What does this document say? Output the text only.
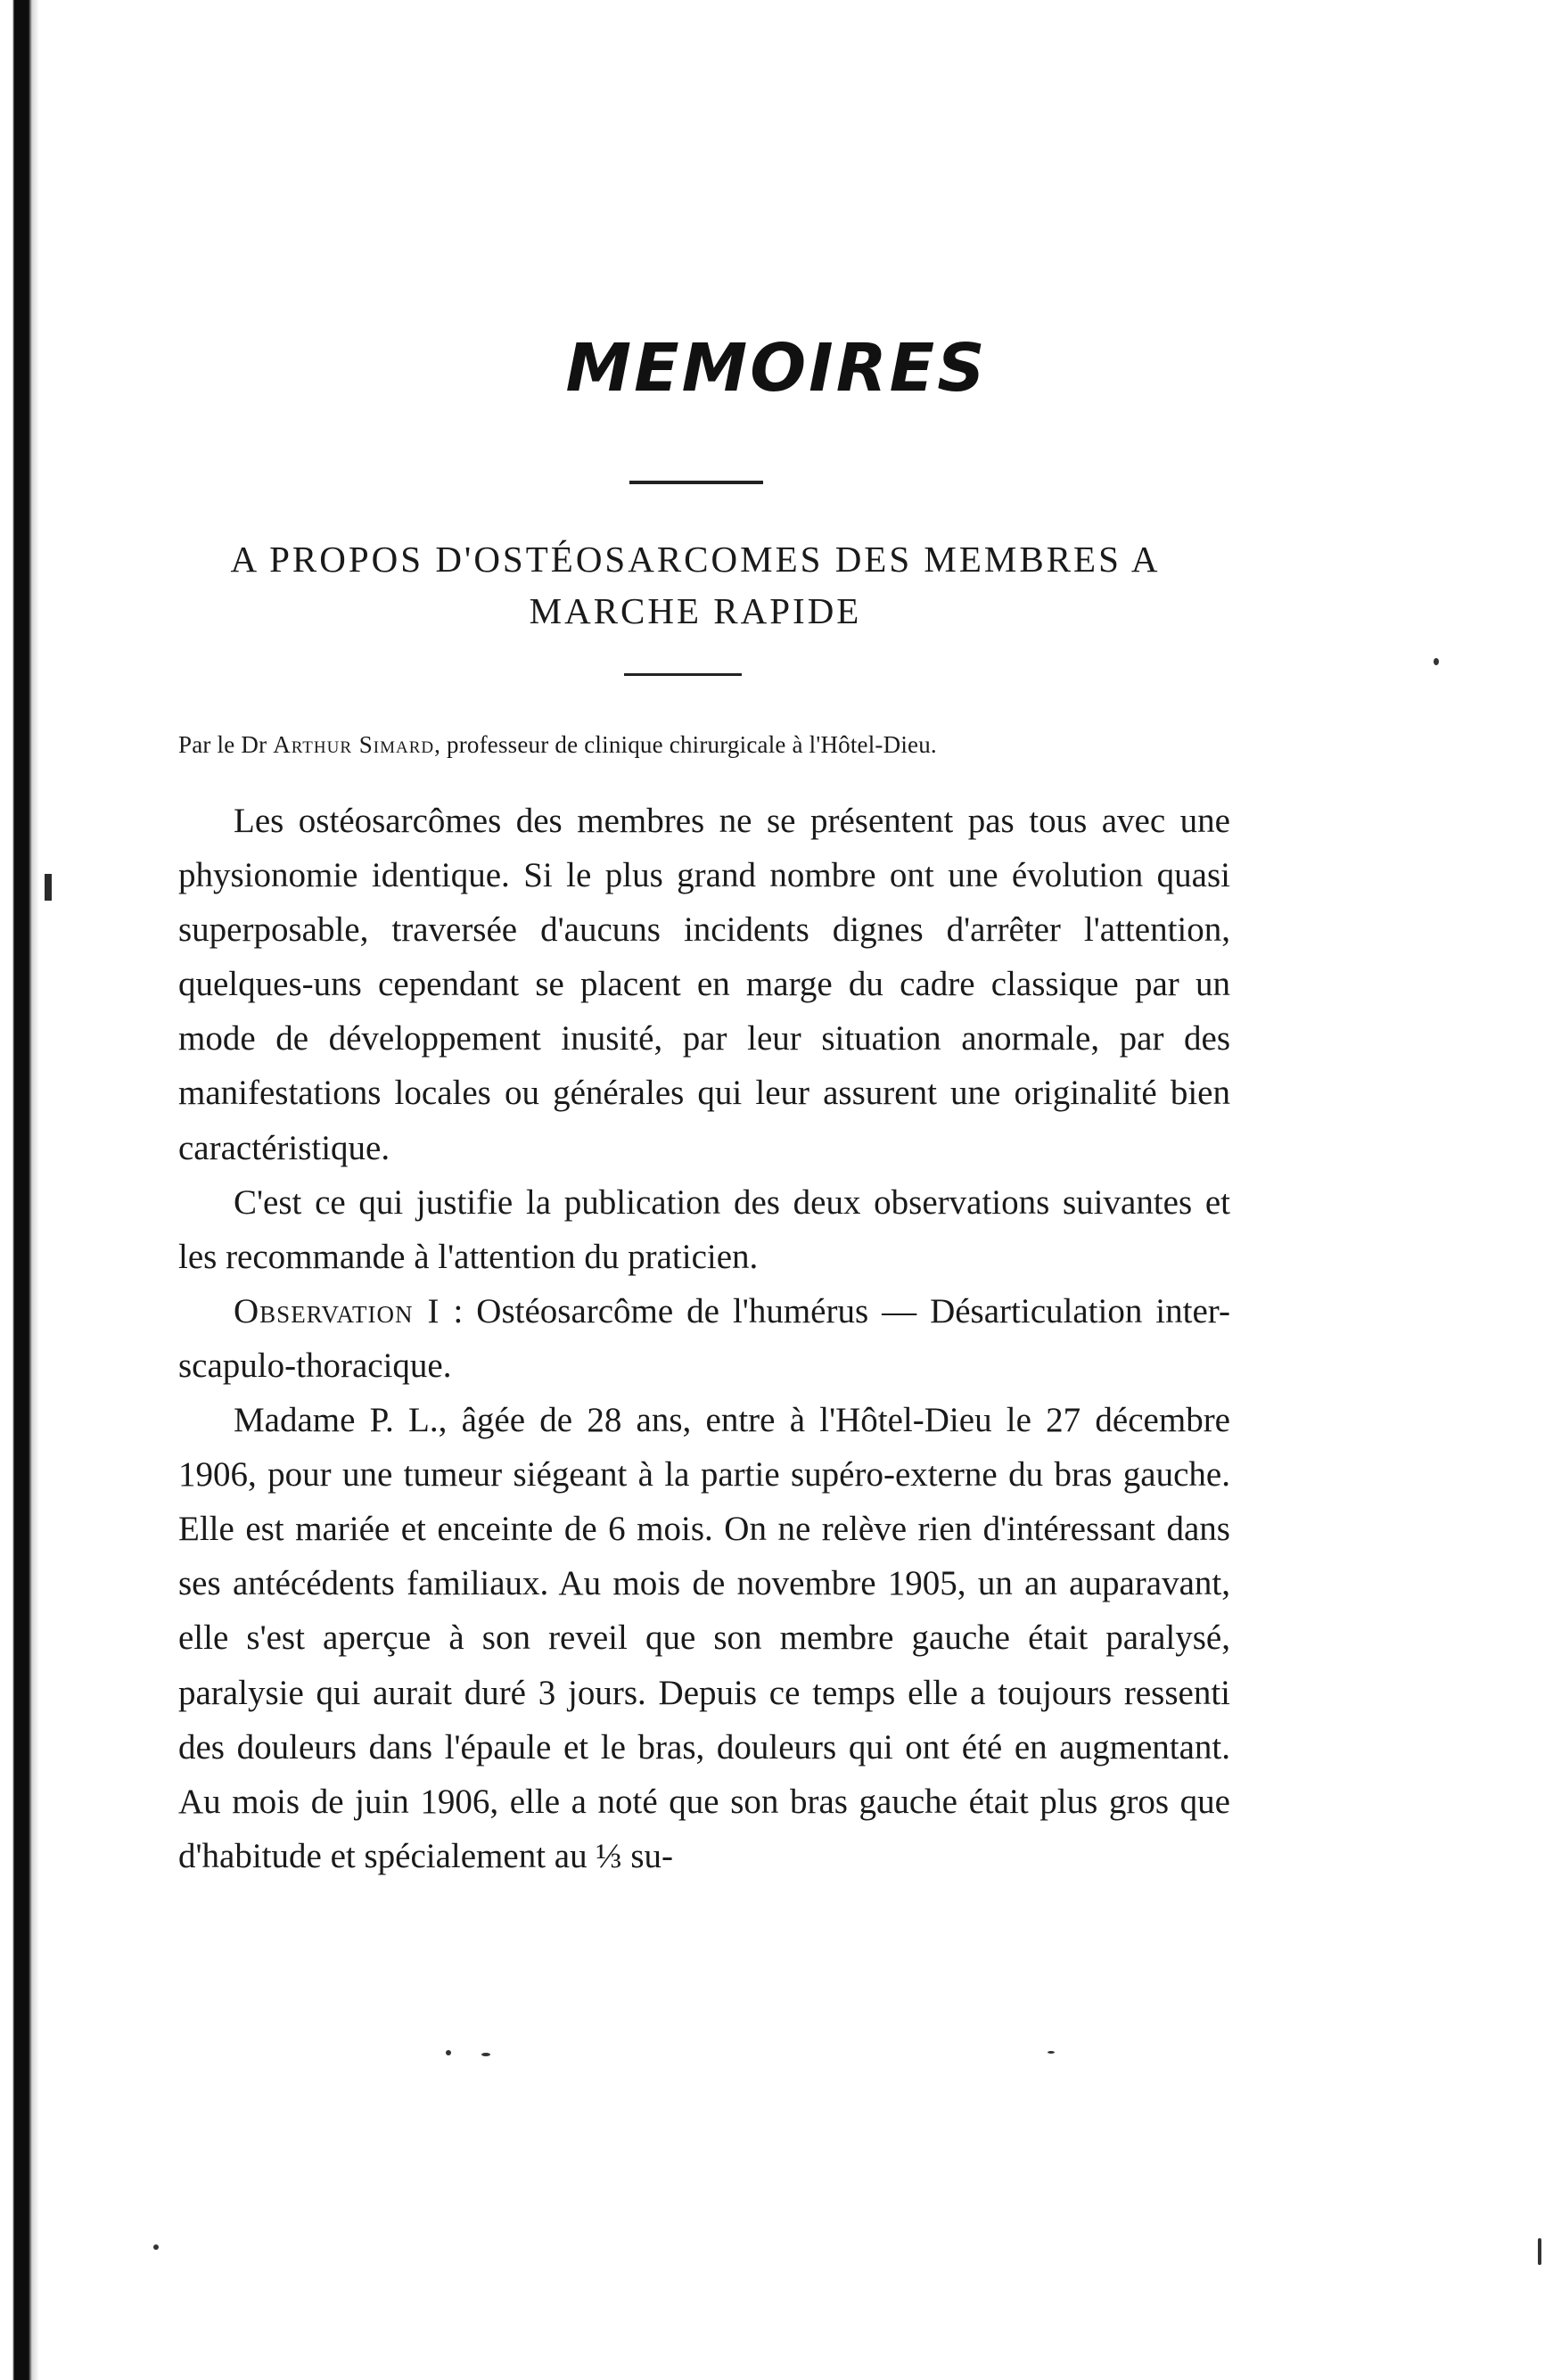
MEMOIRES
A PROPOS D'OSTÉOSARCOMES DES MEMBRES A MARCHE RAPIDE
Par le Dr Arthur Simard, professeur de clinique chirurgicale à l'Hôtel-Dieu.

Les ostéosarcômes des membres ne se présentent pas tous avec une physionomie identique. Si le plus grand nombre ont une évolution quasi superposable, traversée d'aucuns incidents dignes d'arrêter l'attention, quelques-uns cependant se placent en marge du cadre classique par un mode de développement inusité, par leur situation anormale, par des manifestations locales ou générales qui leur assurent une originalité bien caractéristique.

C'est ce qui justifie la publication des deux observations suivantes et les recommande à l'attention du praticien.

Observation I : Ostéosarcôme de l'humérus — Désarticulation inter-scapulo-thoracique.

Madame P. L., âgée de 28 ans, entre à l'Hôtel-Dieu le 27 décembre 1906, pour une tumeur siégeant à la partie supéro-externe du bras gauche. Elle est mariée et enceinte de 6 mois. On ne relève rien d'intéressant dans ses antécédents familiaux. Au mois de novembre 1905, un an auparavant, elle s'est aperçue à son reveil que son membre gauche était paralysé, paralysie qui aurait duré 3 jours. Depuis ce temps elle a toujours ressenti des douleurs dans l'épaule et le bras, douleurs qui ont été en augmentant. Au mois de juin 1906, elle a noté que son bras gauche était plus gros que d'habitude et spécialement au ⅓ su-
